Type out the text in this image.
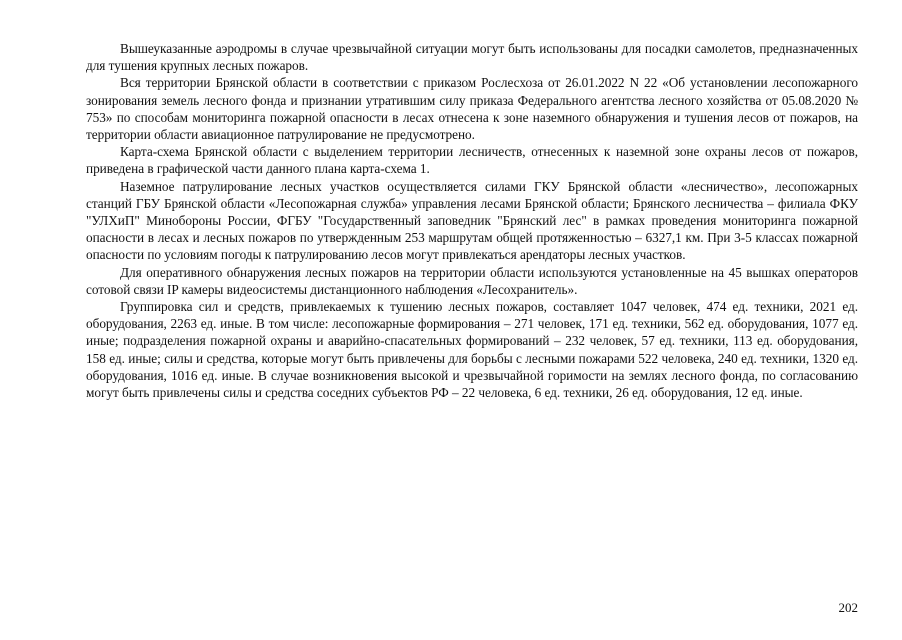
Вышеуказанные аэродромы в случае чрезвычайной ситуации могут быть использованы для посадки самолетов, предназначенных для тушения крупных лесных пожаров.

Вся территории Брянской области в соответствии с приказом Рослесхоза от 26.01.2022 N 22 «Об установлении лесопожарного зонирования земель лесного фонда и признании утратившим силу приказа Федерального агентства лесного хозяйства от 05.08.2020 № 753» по способам мониторинга пожарной опасности в лесах отнесена к зоне наземного обнаружения и тушения лесов от пожаров, на территории области авиационное патрулирование не предусмотрено.

Карта-схема Брянской области с выделением территории лесничеств, отнесенных к наземной зоне охраны лесов от пожаров, приведена в графической части данного плана карта-схема 1.

Наземное патрулирование лесных участков осуществляется силами ГКУ Брянской области «лесничество», лесопожарных станций ГБУ Брянской области «Лесопожарная служба» управления лесами Брянской области; Брянского лесничества – филиала ФКУ "УЛХиП" Минобороны России, ФГБУ "Государственный заповедник "Брянский лес" в рамках проведения мониторинга пожарной опасности в лесах и лесных пожаров по утвержденным 253 маршрутам общей протяженностью – 6327,1 км. При 3-5 классах пожарной опасности по условиям погоды к патрулированию лесов могут привлекаться арендаторы лесных участков.

Для оперативного обнаружения лесных пожаров на территории области используются установленные на 45 вышках операторов сотовой связи IP камеры видеосистемы дистанционного наблюдения «Лесохранитель».

Группировка сил и средств, привлекаемых к тушению лесных пожаров, составляет 1047 человек, 474 ед. техники, 2021 ед. оборудования, 2263 ед. иные. В том числе: лесопожарные формирования – 271 человек, 171 ед. техники, 562 ед. оборудования, 1077 ед. иные; подразделения пожарной охраны и аварийно-спасательных формирований – 232 человек, 57 ед. техники, 113 ед. оборудования, 158 ед. иные; силы и средства, которые могут быть привлечены для борьбы с лесными пожарами 522 человека, 240 ед. техники, 1320 ед. оборудования, 1016 ед. иные. В случае возникновения высокой и чрезвычайной горимости на землях лесного фонда, по согласованию могут быть привлечены силы и средства соседних субъектов РФ – 22 человека, 6 ед. техники, 26 ед. оборудования, 12 ед. иные.

202
